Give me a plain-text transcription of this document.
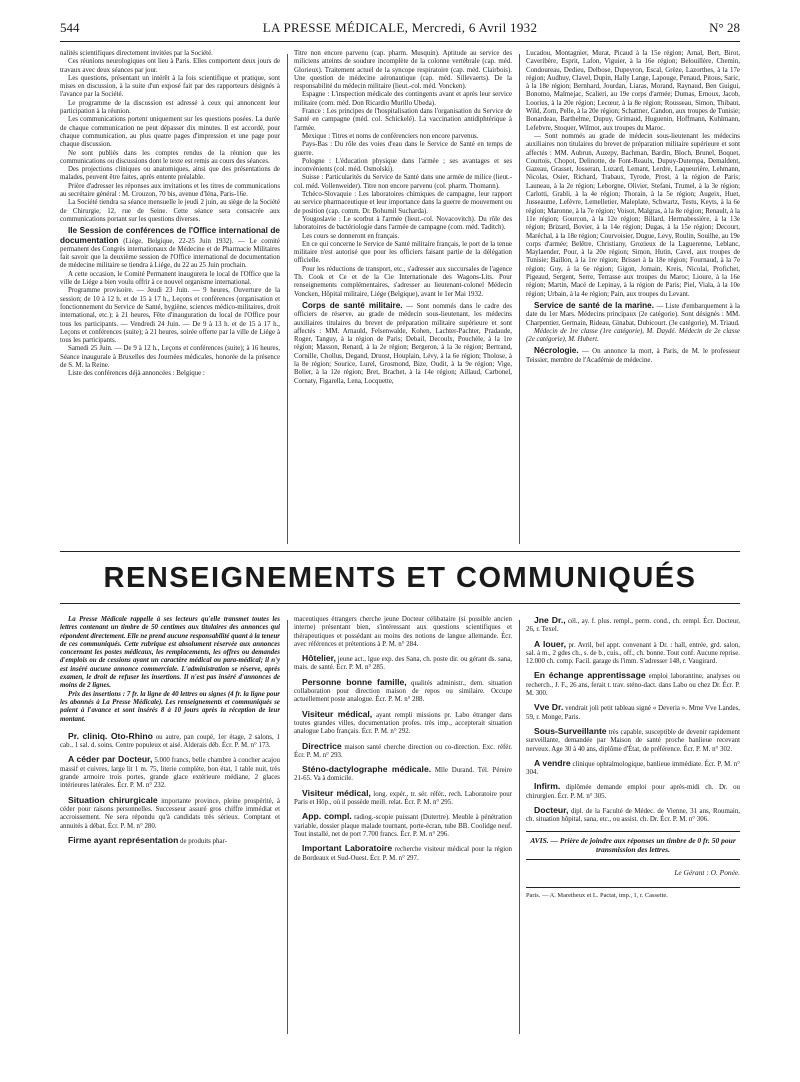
544	LA PRESSE MÉDICALE, Mercredi, 6 Avril 1932	N° 28

nalités scientifiques directement invitées par la Société.

Ces réunions neurologiques ont lieu à Paris. Elles comportent deux jours de travaux avec deux séances par jour.

Les questions, présentant un intérêt à la fois scientifique et pratique, sont mises en discussion, à la suite d'un exposé fait par des rapporteurs désignés à l'avance par la Société.

Le programme de la discussion est adressé à ceux qui annoncent leur participation à la réunion.

Les communications portent uniquement sur les questions posées. La durée de chaque communication ne peut dépasser dix minutes. Il est accordé, pour chaque communication, au plus quatre pages d'impression et une page pour chaque discussion.

Ne sont publiés dans les comptes rendus de la réunion que les communications ou discussions dont le texte est remis au cours des séances.

Des projections cliniques ou anatomiques, ainsi que des présentations de malades, peuvent être faites, après entente préalable.

Prière d'adresser les réponses aux invitations et les titres de communications au secrétaire général : M. Crouzon, 70 bis, avenue d'Iéna, Paris-16e.

La Société tiendra sa séance mensuelle le jeudi 2 juin, au siège de la Société de Chirurgie, 12, rue de Seine. Cette séance sera consacrée aux communications portant sur les questions diverses.

IIe Session de conférences de l'Office international de documentation (Liége, Belgique, 22-25 Juin 1932). — Le comité permanent des Congrès internationaux de Médecine et de Pharmacie Militaires fait savoir que la deuxième session de l'Office international de documentation de médecine militaire se tiendra à Liége, du 22 au 25 Juin prochain.

A cette occasion, le Comité Permanent inaugurera le local de l'Office que la ville de Liége a bien voulu offrir à ce nouvel organisme international.

Programme provisoire. — Jeudi 23 Juin. — 9 heures, Ouverture de la session; de 10 à 12 h. et de 15 à 17 h., Leçons et conférences (organisation et fonctionnement du Service de Santé, hygiène, sciences médico-militaires, droit international, etc.); à 21 heures, Fête d'inauguration du local de l'Office pour tous les participants. — Vendredi 24 Juin. — De 9 à 13 h. et de 15 à 17 h., Leçons et conférences (suite); à 21 heures, soirée offerte par la ville de Liége à tous les participants.

Samedi 25 Juin. — De 9 à 12 h., Leçons et conférences (suite); à 16 heures, Séance inaugurale à Bruxelles des Journées médicales, honorée de la présence de S. M. la Reine.

Liste des conférences déjà annoncées : Belgique :

Titre non encore parvenu (cap. pharm. Musquin). Aptitude au service des miliciens atteints de soudure incomplète de la colonne vertébrale (cap. méd. Glorieux). Traitement actuel de la syncope respiratoire (cap. méd. Clairbois). Une question de médecine aéronautique (cap. méd. Sillevaerts). De la responsabilité du médecin militaire (lieut.-col. méd. Voncken).

Espagne : L'inspection médicale des contingents avant et après leur service militaire (com. méd. Don Ricardio Murillo Ubeda).

France : Les principes de l'hospitalisation dans l'organisation du Service de Santé en campagne (méd. col. Schickelé). La vaccination antidiphtérique à l'armée.

Mexique : Titres et noms de conférenciers non encore parvenus.

Pays-Bas : Du rôle des voies d'eau dans le Service de Santé en temps de guerre.

Pologne : L'éducation physique dans l'armée ; ses avantages et ses inconvénients (col. méd. Osmolski).

Suisse : Particularités du Service de Santé dans une armée de milice (lieut.-col. méd. Vollenweider). Titre non encore parvenu (col. pharm. Thomann).

Tchéco-Slovaquie : Les laboratoires chimiques de campagne, leur rapport au service pharmaceutique et leur importance dans la guerre de mouvement ou de position (cap. comm. Dr. Bohumil Sucharda).

Yougoslavie : Le scorbut à l'armée (lieut.-col. Novacovitch). Du rôle des laboratoires de bactériologie dans l'armée de campagne (com. méd. Taditch).

Les cours se donneront en français.

En ce qui concerne le Service de Santé militaire français, le port de la tenue militaire n'est autorisé que pour les officiers faisant partie de la délégation officielle.

Pour les réductions de transport, etc., s'adresser aux succursales de l'agence Th. Cook et Ce et de la Cie Internationale des Wagons-Lits. Pour renseignements complémentaires, s'adresser au lieutenant-colonel Médecin Voncken, Hôpital militaire, Liége (Belgique), avant le 1er Mai 1932.

Corps de santé militaire. — Sont nommés dans le cadre des officiers de réserve, au grade de médecin sous-lieutenant, les médecins auxiliaires titulaires du brevet de préparation militaire supérieure et sont affectés : MM. Arnauld, Felsenwalde, Kohen, Lachter-Pachter, Pradaude, Roger, Tanguy, à la région de Paris; Debail, Decoulx, Pouchèle, à la 1re région; Masson, Renard, à la 2e région; Bergeron, à la 3e région; Bertrand, Cornille, Chollus, Degand, Druost, Houplain, Lévy, à la 6e région; Tholose, à la 8e région; Sourice, Lurel, Grosmond, Bize, Oudit, à la 9e région; Vige, Bolier, à la 12e région; Bret, Brachet, à la 14e région; Aillaud, Carbonel, Cornaty, Figarella, Lena, Locquette,

Lucadou, Montagnier, Murat, Picaud à la 15e région; Arnal, Bert, Birot, Caveribère, Esprit, Lafon, Viguier, à la 16e région; Belouillère, Chemin, Condoureau, Dedieu, Delbose, Dupeyron, Escal, Grèze, Lazorthes, à la 17e région; Audhuy, Clavel, Dupin, Hally Lange, Lapouge, Penaud, Pitous, Saric, à la 18e région; Bernhard, Jourdan, Liaras, Morand, Raynaud, Ben Guigui, Bonomo, Malmejac, Scalieri, au 19e corps d'armée; Dumas, Ernoux, Jacob, Loorius, à la 20e région; Lecœur, à la 8e région; Rousseau, Simon, Thibaut, Wild, Zorn, Pelle, à la 20e région; Schattner, Candon, aux troupes de Tunisie; Bonardeau, Barthelme, Dupuy, Grimaud, Huguenin, Hoffmann, Kuhlmann, Lefebvre, Stoquer, Wilmot, aux troupes du Maroc.

— Sont nommés au grade de médecin sous-lieutenant les médecins auxiliaires non titulaires du brevet de préparation militaire supérieure et sont affectés : MM. Aubrun, Auzepy, Bachman, Bardin, Bloch, Brunel, Boquet, Courtois, Chopot, Delinotte, de Font-Reaulx, Dupuy-Dutempa, Demaldent, Gazeau, Grasset, Josseran, Luzard, Lemant, Lerdre, Laqueurière, Lehmann, Nicolas, Osier, Richard, Trabaux, Tyrode, Prost, à la région de Paris; Launeau, à la 2e région; Leborgne, Olivier, Stefani, Trumel, à la 3e région; Carlotti, Grabli, à la 4e région; Thorain, à la 5e région; Augeix, Huet, Jusseaume, Lefèvre, Lemelletier, Maleplate, Schwartz, Testu, Keyts, à la 6e région; Maronne, à la 7e région; Voisot, Malgras, à la 8e région; Renault, à la 11e région; Gourcon, à la 12e région; Billard, Hermabessière, à la 13e région; Brizard, Bovier, à la 14e région; Dugas, à la 15e région; Decourt, Maréchal, à la 18e région; Courvoisier, Dugue, Levy, Roulin, Souilhe, au 19e corps d'armée; Belêtre, Christiany, Grozieux de la Laguerenne, Leblanc, Maylaender, Pour, à la 20e région; Simon, Hutin, Cavel, aux troupes de Tunisie; Baillon, à la 1re région; Brisset à la 18e région; Fournaud, à la 7e région; Guy, à la 6e région; Gigon, Jomain, Kreis, Nicolai, Profichet, Pigeaud, Sergent, Serre, Terrasse aux troupes du Maroc; Lioure, à la 16e région; Martin, Macé de Lepinay, à la région de Paris; Piel, Viala, à la 10e région; Urbain, à la 4e région; Pain, aux troupes du Levant.

Service de santé de la marine. — Liste d'embarquement à la date du 1er Mars. Médecins principaux (2e catégorie). Sont désignés : MM. Charpentier, Germain, Rideau, Ginabat, Dubicourt. (3e catégorie), M. Triaud.

Médecin de 1re classe (1re catégorie), M. Daydé. Médecin de 2e classe (2e catégorie), M. Hubert.

Nécrologie. — On annonce la mort, à Paris, de M. le professeur Teissier, membre de l'Académie de médecine.

RENSEIGNEMENTS ET COMMUNIQUÉS

La Presse Médicale rappelle à ses lecteurs qu'elle transmet toutes les lettres contenant un timbre de 50 centimes aux titulaires des annonces qui répondent directement. Elle ne prend aucune responsabilité quant à la teneur de ces communiqués. Cette rubrique est absolument réservée aux annonces concernant les postes médicaux, les remplacements, les offres ou demandes d'emplois ou de cessions ayant un caractère médical ou para-médical; il n'y est inséré aucune annonce commerciale. L'administration se réserve, après examen, le droit de refuser les insertions. Il n'est pas inséré d'annonces de moins de 2 lignes.

Prix des insertions : 7 fr. la ligne de 40 lettres ou signes (4 fr. la ligne pour les abonnés à La Presse Médicale). Les renseignements et communiqués se paient à l'avance et sont insérés 8 à 10 jours après la réception de leur montant.

Pr. cliniq. Oto-Rhino ou autre, pan coupé, 1er étage, 2 salons, 1 cab., 1 sal. d. soins. Centre populeux et aisé. Alderais déb. Écr. P. M. n° 173.

A céder par Docteur, 5.000 francs, belle chambre à coucher acajou massif et cuivres, large lit 1 m. 75, literie complète, bon état, 1 table nuit, très grande armoire trois portes, grande glace extérieure médiane, 2 glaces intérieures latérales. Écr. P. M. n° 232.

Situation chirurgicale importante province, pleine prospérité, à céder pour raisons personnelles. Successeur assuré gros chiffre immédiat et accroissement. Ne sera répondu qu'à candidats très sérieux. Comptant et annuités à débat. Écr. P. M. n° 280.

Firme ayant représentation de produits phar-

maceutiques étrangers cherche jeune Docteur célibataire (si possible ancien interne) présentant bien, s'intéressant aux questions scientifiques et thérapeutiques et possédant au moins des notions de langue allemande. Écr. avec références et prétentions à P. M. n° 284.

Hôtelier, jeune act., lgue exp. des Sana, ch. poste dir. ou gérant ds. sana, mais. de santé. Écr. P. M. n° 285.

Personne bonne famille, qualités administr., dem. situation collaboration pour direction maison de repos ou similaire. Occupe actuellement poste analogue. Écr. P. M. n° 288.

Visiteur médical, ayant rempli missions pr. Labo étranger dans toutes grandes villes, documentation profes. très imp., accepterait situation analogue Labo français. Écr. P. M. n° 292.

Directrice maison santé cherche direction ou co-direction. Exc. référ. Écr. P. M. n° 293.

Sténo-dactylographe médicale. Mlle Durand. Tél. Péreire 21-65. Va à domicile.

Visiteur médical, long. expér., tr. sér. référ., rech. Laboratoire pour Paris et Hôp., où il possède meill. relat. Écr. P. M. n° 295.

App. compl. radiog.-scopie puissant (Dutertre). Meuble à pénétration variable, dossier plaque malade tournant, porte-écran, tube BB. Coolidge neuf. Tout installé, net de port 7.700 francs. Écr. P. M. n° 296.

Important Laboratoire recherche visiteur médical pour la région de Bordeaux et Sud-Ouest. Écr. P. M. n° 297.

Jne Dr., cél., ay. f. plus. rempl., perm. cond., ch. rempl. Écr. Docteur, 26, r. Texel.

A louer, pr. Avril, bel appt. convenant à Dr. : hall, entrée, grd. salon, sal. à m., 2 gdes ch., s. de b., cuis., off., ch. bonne. Tout conf. Aucune reprise. 12.000 ch. comp. Facil. garage ds l'imm. S'adresser 148, r. Vaugirard.

En échange apprentissage emploi laborantine, analyses ou recherch., J. F., 26 ans, ferait t. trav. sténo-dact. dans Labo ou chez Dr. Écr. P. M. 300.

Vve Dr. vendrait joli petit tableau signé « Deveria ». Mme Vve Landes, 59, r. Monge, Paris.

Sous-Surveillante très capable, susceptible de devenir rapidement surveillante, demandée par Maison de santé proche banlieue recevant nerveux. Age 30 à 40 ans, diplôme d'État, de préférence. Écr. P. M. n° 302.

A vendre clinique ophtalmologique, banlieue immédiate. Écr. P. M. n° 304.

Infirm. diplômée demande emploi pour après-midi ch. Dr. ou chirurgien. Écr. P. M. n° 305.

Docteur, dipl. de la Faculté de Médec. de Vienne, 31 ans, Roumain, ch. situation hôpital, sana, etc., ou assist. ch. Dr. Écr. P. M. n° 306.

AVIS. — Prière de joindre aux réponses un timbre de 0 fr. 50 pour transmission des lettres.

Le Gérant : O. Ponée.
Paris. — A. Maretheux et L. Pactat, imp., 1, r. Cassette.
